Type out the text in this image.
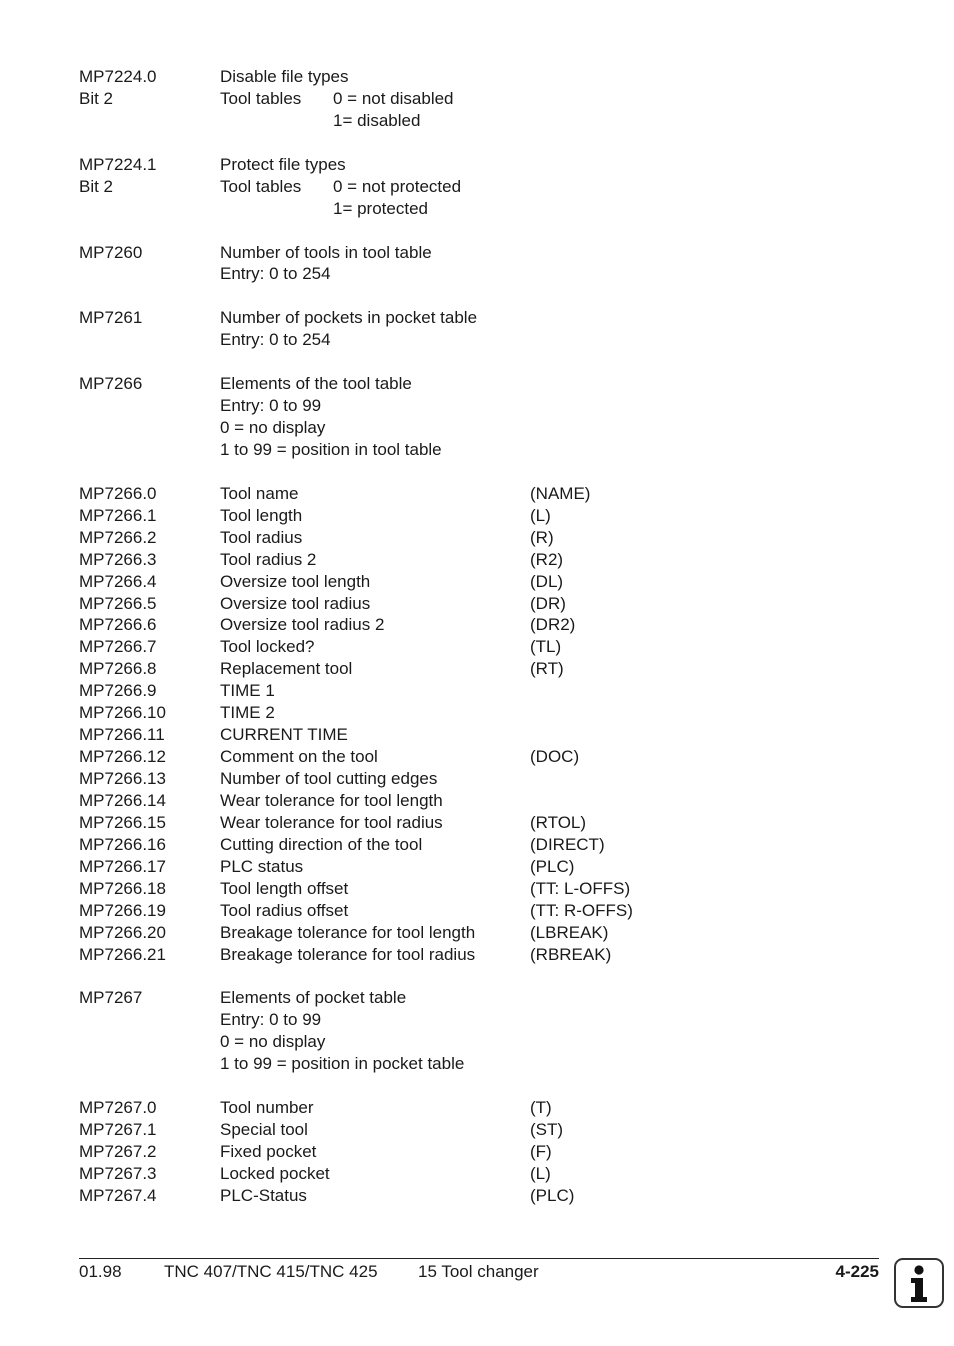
MP7224.0	Disable file types
Bit 2	Tool tables 0 = not disabled
1= disabled
MP7224.1	Protect file types
Bit 2	Tool tables 0 = not protected
1= protected
MP7260	Number of tools in tool table
Entry: 0 to 254
MP7261	Number of pockets in pocket table
Entry: 0 to 254
MP7266	Elements of the tool table
Entry: 0 to 99
0 = no display
1 to 99 = position in tool table
MP7266.0	Tool name	(NAME)
MP7266.1	Tool length	(L)
MP7266.2	Tool radius	(R)
MP7266.3	Tool radius 2	(R2)
MP7266.4	Oversize tool length	(DL)
MP7266.5	Oversize tool radius	(DR)
MP7266.6	Oversize tool radius 2	(DR2)
MP7266.7	Tool locked?	(TL)
MP7266.8	Replacement tool	(RT)
MP7266.9	TIME 1
MP7266.10	TIME 2
MP7266.11	CURRENT TIME
MP7266.12	Comment on the tool	(DOC)
MP7266.13	Number of tool cutting edges
MP7266.14	Wear tolerance for tool length
MP7266.15	Wear tolerance for tool radius	(RTOL)
MP7266.16	Cutting direction of the tool	(DIRECT)
MP7266.17	PLC status	(PLC)
MP7266.18	Tool length offset	(TT: L-OFFS)
MP7266.19	Tool radius offset	(TT: R-OFFS)
MP7266.20	Breakage tolerance for tool length	(LBREAK)
MP7266.21	Breakage tolerance for tool radius	(RBREAK)
MP7267	Elements of pocket table
Entry: 0 to 99
0 = no display
1 to 99 = position in pocket table
MP7267.0	Tool number	(T)
MP7267.1	Special tool	(ST)
MP7267.2	Fixed pocket	(F)
MP7267.3	Locked pocket	(L)
MP7267.4	PLC-Status	(PLC)
01.98 TNC 407/TNC 415/TNC 425 15 Tool changer	4-225
